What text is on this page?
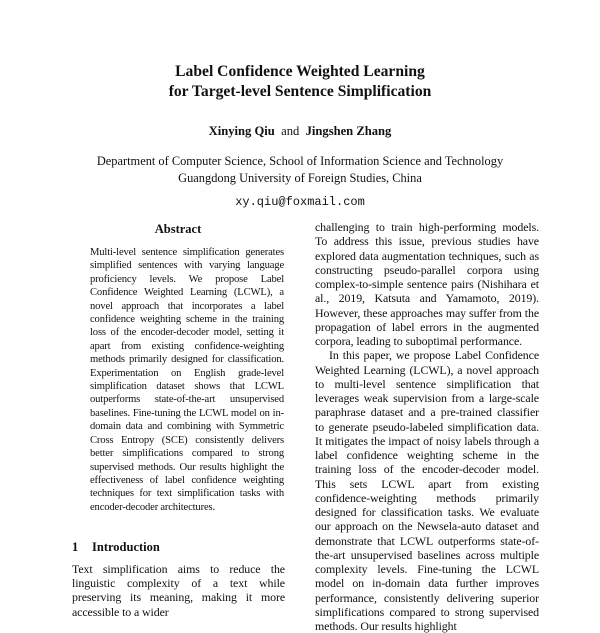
Label Confidence Weighted Learning
for Target-level Sentence Simplification
Xinying Qiu and Jingshen Zhang
Department of Computer Science, School of Information Science and Technology
Guangdong University of Foreign Studies, China
xy.qiu@foxmail.com
Abstract
Multi-level sentence simplification generates simplified sentences with varying language proficiency levels. We propose Label Confidence Weighted Learning (LCWL), a novel approach that incorporates a label confidence weighting scheme in the training loss of the encoder-decoder model, setting it apart from existing confidence-weighting methods primarily designed for classification. Experimentation on English grade-level simplification dataset shows that LCWL outperforms state-of-the-art unsupervised baselines. Fine-tuning the LCWL model on in-domain data and combining with Symmetric Cross Entropy (SCE) consistently delivers better simplifications compared to strong supervised methods. Our results highlight the effectiveness of label confidence weighting techniques for text simplification tasks with encoder-decoder architectures.
1 Introduction
Text simplification aims to reduce the linguistic complexity of a text while preserving its meaning, making it more accessible to a wider

challenging to train high-performing models. To address this issue, previous studies have explored data augmentation techniques, such as constructing pseudo-parallel corpora using complex-to-simple sentence pairs (Nishihara et al., 2019, Katsuta and Yamamoto, 2019). However, these approaches may suffer from the propagation of label errors in the augmented corpora, leading to suboptimal performance.

In this paper, we propose Label Confidence Weighted Learning (LCWL), a novel approach to multi-level sentence simplification that leverages weak supervision from a large-scale paraphrase dataset and a pre-trained classifier to generate pseudo-labeled simplification data. It mitigates the impact of noisy labels through a label confidence weighting scheme in the training loss of the encoder-decoder model. This sets LCWL apart from existing confidence-weighting methods primarily designed for classification tasks. We evaluate our approach on the Newsela-auto dataset and demonstrate that LCWL outperforms state-of-the-art unsupervised baselines across multiple complexity levels. Fine-tuning the LCWL model on in-domain data further improves performance, consistently delivering superior simplifications compared to strong supervised methods. Our results highlight
